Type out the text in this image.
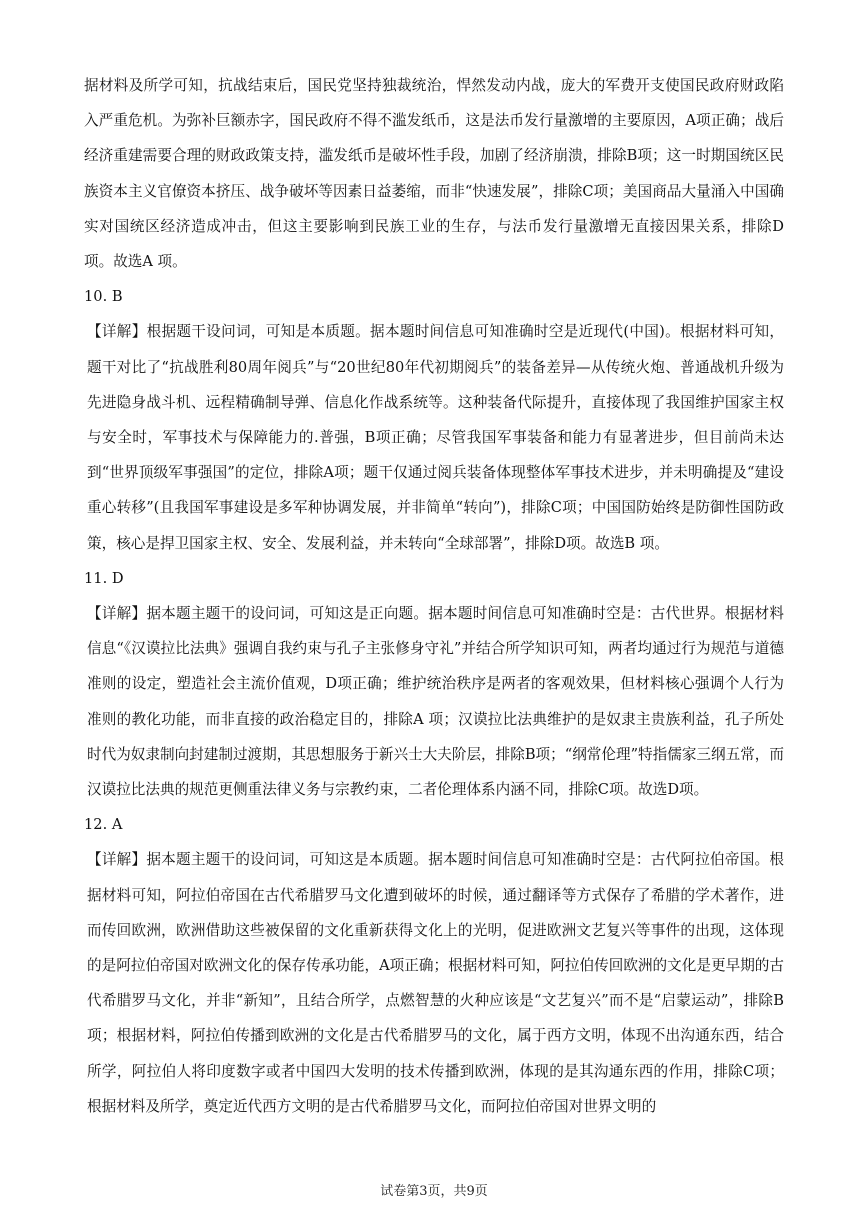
据材料及所学可知，抗战结束后，国民党坚持独裁统治，悍然发动内战，庞大的军费开支使国民政府财政陷入严重危机。为弥补巨额赤字，国民政府不得不滥发纸币，这是法币发行量激增的主要原因，A项正确；战后经济重建需要合理的财政政策支持，滥发纸币是破坏性手段，加剧了经济崩溃，排除B项；这一时期国统区民族资本主义官僚资本挤压、战争破坏等因素日益萎缩，而非“快速发展”，排除C项；美国商品大量涌入中国确实对国统区经济造成冲击，但这主要影响到民族工业的生存，与法币发行量激增无直接因果关系，排除D 项。故选A 项。

10. B

【详解】根据题干设问词，可知是本质题。据本题时间信息可知准确时空是近现代(中国)。根据材料可知，题干对比了“抗战胜利80周年阅兵”与“20世纪80年代初期阅兵”的装备差异—从传统火炮、普通战机升级为先进隐身战斗机、远程精确制导弹、信息化作战系统等。这种装备代际提升，直接体现了我国维护国家主权与安全时，军事技术与保障能力的.普强，B项正确；尽管我国军事装备和能力有显著进步，但目前尚未达到“世界顶级军事强国”的定位，排除A项；题干仅通过阅兵装备体现整体军事技术进步，并未明确提及“建设重心转移”(且我国军事建设是多军种协调发展，并非简单“转向”)，排除C项；中国国防始终是防御性国防政策，核心是捍卫国家主权、安全、发展利益，并未转向“全球部署”，排除D项。故选B 项。

11. D

【详解】据本题主题干的设问词，可知这是正向题。据本题时间信息可知准确时空是：古代世界。根据材料信息“《汉谟拉比法典》强调自我约束与孔子主张修身守礼”并结合所学知识可知，两者均通过行为规范与道德准则的设定，塑造社会主流价值观，D项正确；维护统治秩序是两者的客观效果，但材料核心强调个人行为准则的教化功能，而非直接的政治稳定目的，排除A 项；汉谟拉比法典维护的是奴隶主贵族利益，孔子所处时代为奴隶制向封建制过渡期，其思想服务于新兴士大夫阶层，排除B项；“纲常伦理”特指儒家三纲五常，而汉谟拉比法典的规范更侧重法律义务与宗教约束，二者伦理体系内涵不同，排除C项。故选D项。

12. A

【详解】据本题主题干的设问词，可知这是本质题。据本题时间信息可知准确时空是：古代阿拉伯帝国。根据材料可知，阿拉伯帝国在古代希腊罗马文化遭到破坏的时候，通过翻译等方式保存了希腊的学术著作，进而传回欧洲，欧洲借助这些被保留的文化重新获得文化上的光明，促进欧洲文艺复兴等事件的出现，这体现的是阿拉伯帝国对欧洲文化的保存传承功能，A项正确；根据材料可知，阿拉伯传回欧洲的文化是更早期的古代希腊罗马文化，并非“新知”，且结合所学，点燃智慧的火种应该是“文艺复兴”而不是“启蒙运动”，排除B项；根据材料，阿拉伯传播到欧洲的文化是古代希腊罗马的文化，属于西方文明，体现不出沟通东西，结合所学，阿拉伯人将印度数字或者中国四大发明的技术传播到欧洲，体现的是其沟通东西的作用，排除C项；根据材料及所学，奠定近代西方文明的是古代希腊罗马文化，而阿拉伯帝国对世界文明的

试卷第3页，共9页
